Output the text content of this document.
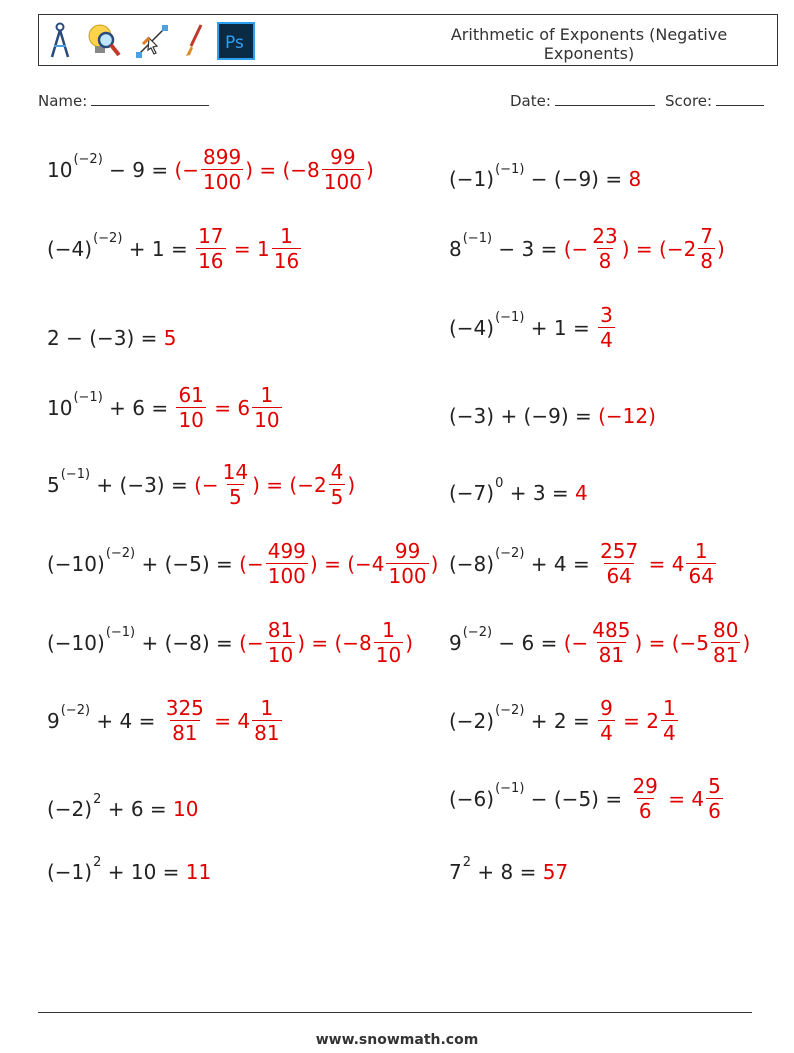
Ps	Arithmetic of Exponents (Negative Exponents)
Name:	Date:	Score:
$10^{(-2)} - 9$ = (− $\frac{899}{100}$ ) = ($-8 \frac{99}{100}$ )
$(-4)^{(-2)} + 1 = \frac{17}{16} = 1 \frac{1}{16}$
2 − (−3) = 5
$10^{(-1)} + 6 = \frac{61}{10} = 6 \frac{1}{10}$
$5^{(-1)} + (-3)$ = (− $\frac{14}{5}$ ) = ($-2 \frac{4}{5}$ )
$(-10)^{(-2)} + (-5)$ = (− $\frac{499}{100}$ ) = ($-4 \frac{99}{100}$ )
$(-10)^{(-1)} + (-8)$ = (− $\frac{81}{10}$ ) = ($-8 \frac{1}{10}$ )
$9^{(-2)} + 4 = \frac{325}{81} = 4 \frac{1}{81}$
$(-2)^2 + 6 = 10$
$(-1)^2 + 10 = 11$
$(-1)^{(-1)} - (-9) = 8$
$8^{(-1)} - 3$ = (− $\frac{23}{8}$ ) = ($-2 \frac{7}{8}$ )
$(-4)^{(-1)} + 1 = \frac{3}{4}$
(−3) + (−9) = (−12)
$(-7)^0 + 3 = 4$
$(-8)^{(-2)} + 4 = \frac{257}{64} = 4 \frac{1}{64}$
$9^{(-2)} - 6$ = (− $\frac{485}{81}$ ) = ($-5 \frac{80}{81}$ )
$(-2)^{(-2)} + 2 = \frac{9}{4} = 2 \frac{1}{4}$
$(-6)^{(-1)} - (-5) = \frac{29}{6} = 4 \frac{5}{6}$
$7^2 + 8 = 57$
www.snowmath.com
